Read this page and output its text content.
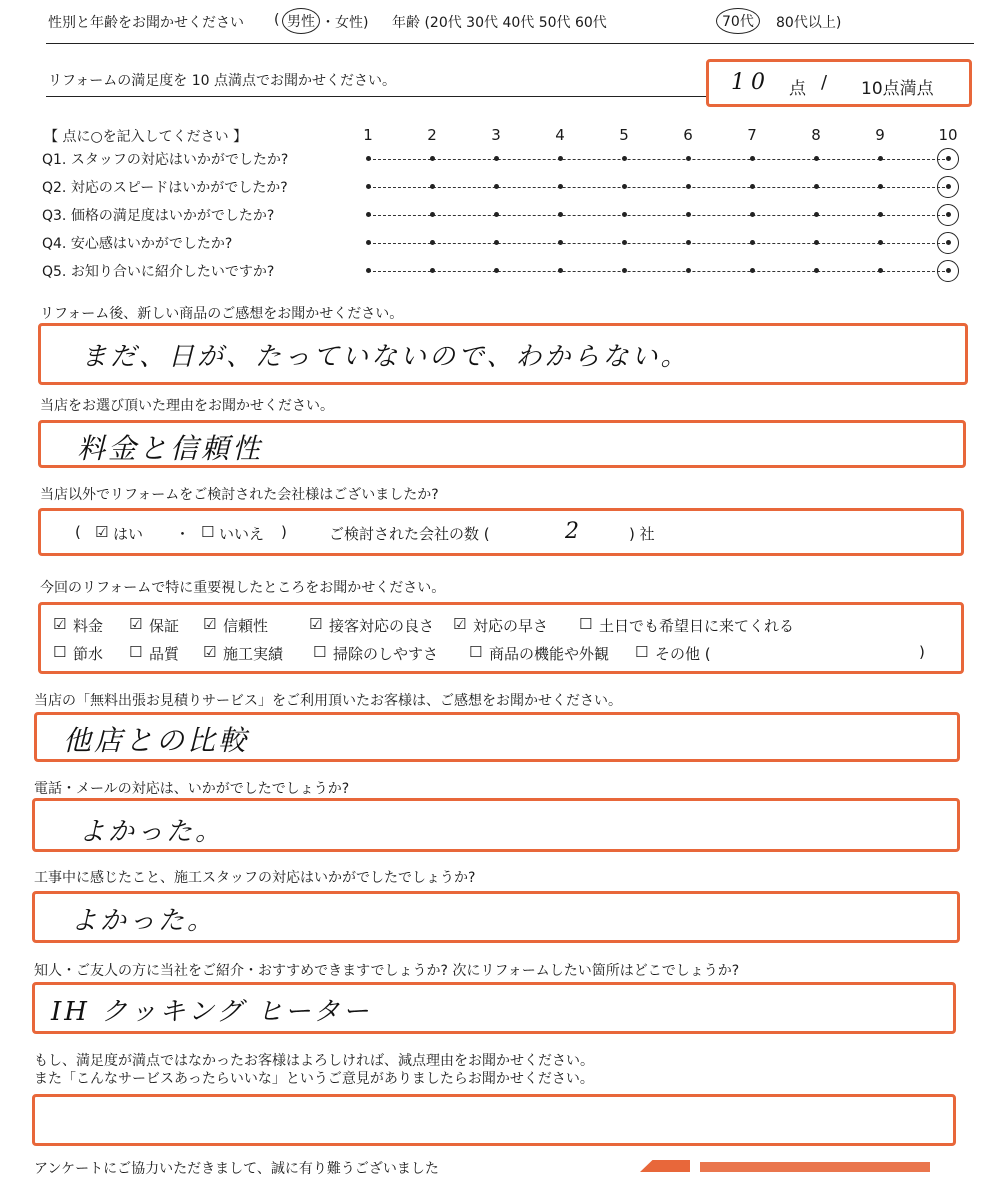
性別と年齢をお聞かせください ( 男性 ・女性) 年齢 (20代 30代 40代 50代 60代	70代	80代以上)
リフォームの満足度を 10 点満点でお聞かせください。	10 点 / 10点満点
【 点に○を記入してください 】	1	2	3	4	5	6	7	8	9	10
Q1. スタッフの対応はいかがでしたか?
Q2. 対応のスピードはいかがでしたか?
Q3. 価格の満足度はいかがでしたか?
Q4. 安心感はいかがでしたか?
Q5. お知り合いに紹介したいですか?
リフォーム後、新しい商品のご感想をお聞かせください。
まだ、日が、たっていないので、わからない。
当店をお選び頂いた理由をお聞かせください。
料金と信頼性
当店以外でリフォームをご検討された会社様はございましたか?
( ☑ はい ・ ☐ いいえ )	ご検討された会社の数 (	2	) 社
今回のリフォームで特に重要視したところをお聞かせください。
☑ 料金 ☑ 保証 ☑ 信頼性	☑ 接客対応の良さ ☑ 対応の早さ ☐ 土日でも希望日に来てくれる
☐ 節水 ☐ 品質 ☑ 施工実績 ☐ 掃除のしやすさ ☐ 商品の機能や外観 ☐ その他 (	)
当店の「無料出張お見積りサービス」をご利用頂いたお客様は、ご感想をお聞かせください。
他店との比較
電話・メールの対応は、いかがでしたでしょうか?
よかった。
工事中に感じたこと、施工スタッフの対応はいかがでしたでしょうか?
よかった。
知人・ご友人の方に当社をご紹介・おすすめできますでしょうか? 次にリフォームしたい箇所はどこでしょうか?
IH クッキング ヒーター
もし、満足度が満点ではなかったお客様はよろしければ、減点理由をお聞かせください。
また「こんなサービスあったらいいな」というご意見がありましたらお聞かせください。
アンケートにご協力いただきまして、誠に有り難うございました
